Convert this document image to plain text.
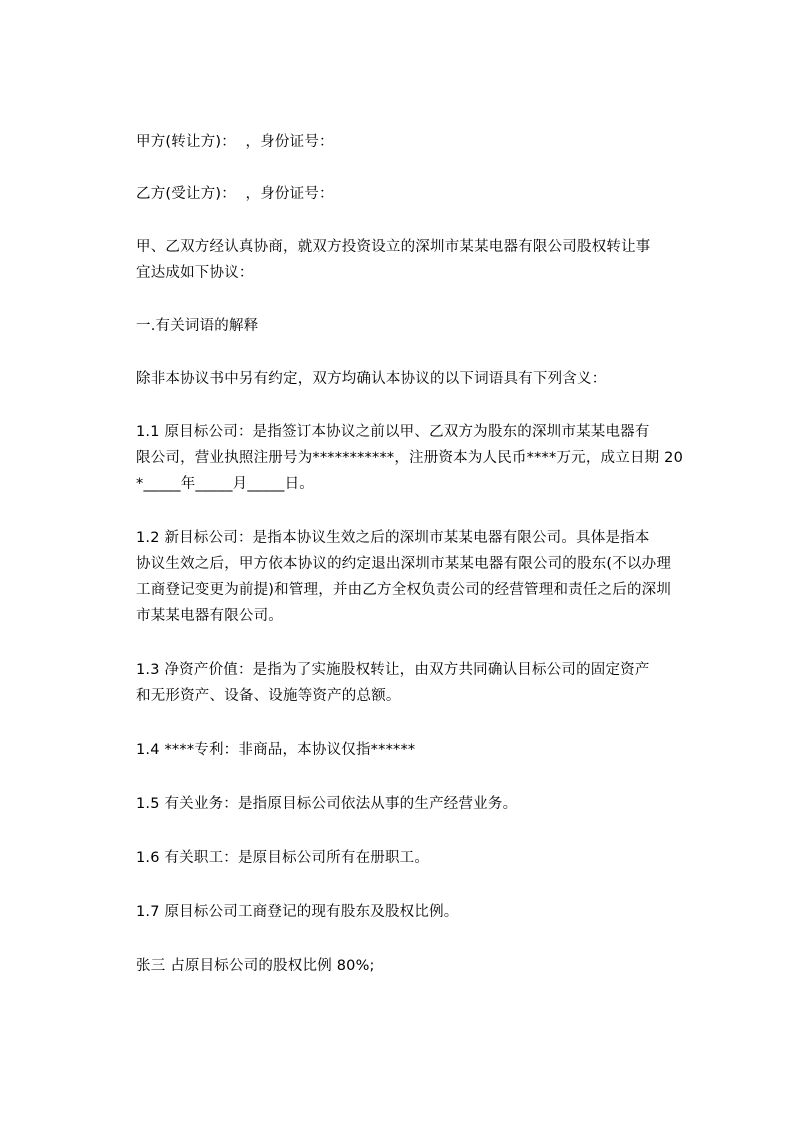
甲方(转让方)：  ，身份证号：
乙方(受让方)：  ，身份证号：
甲、乙双方经认真协商，就双方投资设立的深圳市某某电器有限公司股权转让事
宜达成如下协议：
一.有关词语的解释
除非本协议书中另有约定，双方均确认本协议的以下词语具有下列含义：
1.1 原目标公司：是指签订本协议之前以甲、乙双方为股东的深圳市某某电器有
限公司，营业执照注册号为***********，注册资本为人民币****万元，成立日期 20
*_____年_____月_____日。
1.2 新目标公司：是指本协议生效之后的深圳市某某电器有限公司。具体是指本
协议生效之后，甲方依本协议的约定退出深圳市某某电器有限公司的股东(不以办理
工商登记变更为前提)和管理，并由乙方全权负责公司的经营管理和责任之后的深圳
市某某电器有限公司。
1.3 净资产价值：是指为了实施股权转让，由双方共同确认目标公司的固定资产
和无形资产、设备、设施等资产的总额。
1.4 ****专利：非商品，本协议仅指******
1.5 有关业务：是指原目标公司依法从事的生产经营业务。
1.6 有关职工：是原目标公司所有在册职工。
1.7 原目标公司工商登记的现有股东及股权比例。
张三 占原目标公司的股权比例 80%;
